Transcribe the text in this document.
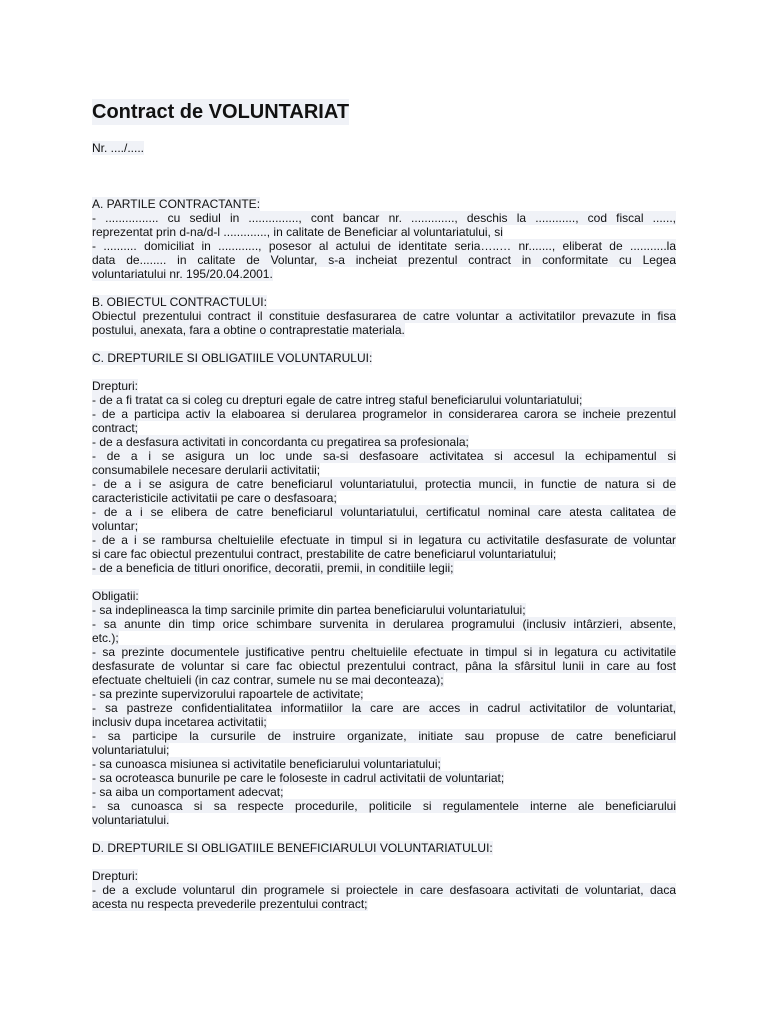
Contract de VOLUNTARIAT
Nr. ..../.....
A. PARTILE CONTRACTANTE:
- ................ cu sediul in ..............., cont bancar nr. ............., deschis la ............, cod fiscal ......,
reprezentat prin d-na/d-l ............., in calitate de Beneficiar al voluntariatului, si
- .......... domiciliat in ............, posesor al actului de identitate seria…..… nr......., eliberat de ...........la
data de........ in calitate de Voluntar, s-a incheiat prezentul contract in conformitate cu Legea
voluntariatului nr. 195/20.04.2001.
B. OBIECTUL CONTRACTULUI:
Obiectul prezentului contract il constituie desfasurarea de catre voluntar a activitatilor prevazute in fisa
postului, anexata, fara a obtine o contraprestatie materiala.
C. DREPTURILE SI OBLIGATIILE VOLUNTARULUI:
Drepturi:
- de a fi tratat ca si coleg cu drepturi egale de catre intreg staful beneficiarului voluntariatului;
- de a participa activ la elaboarea si derularea programelor in considerarea carora se incheie prezentul
contract;
- de a desfasura activitati in concordanta cu pregatirea sa profesionala;
- de a i se asigura un loc unde sa-si desfasoare activitatea si accesul la echipamentul si
consumabilele necesare derularii activitatii;
- de a i se asigura de catre beneficiarul voluntariatului, protectia muncii, in functie de natura si de
caracteristicile activitatii pe care o desfasoara;
- de a i se elibera de catre beneficiarul voluntariatului, certificatul nominal care atesta calitatea de
voluntar;
- de a i se rambursa cheltuielile efectuate in timpul si in legatura cu activitatile desfasurate de voluntar
si care fac obiectul prezentului contract, prestabilite de catre beneficiarul voluntariatului;
- de a beneficia de titluri onorifice, decoratii, premii, in conditiile legii;
Obligatii:
- sa indeplineasca la timp sarcinile primite din partea beneficiarului voluntariatului;
- sa anunte din timp orice schimbare survenita in derularea programului (inclusiv intârzieri, absente,
etc.);
- sa prezinte documentele justificative pentru cheltuielile efectuate in timpul si in legatura cu activitatile
desfasurate de voluntar si care fac obiectul prezentului contract, pâna la sfârsitul lunii in care au fost
efectuate cheltuieli (in caz contrar, sumele nu se mai deconteaza);
- sa prezinte supervizorului rapoartele de activitate;
- sa pastreze confidentialitatea informatiilor la care are acces in cadrul activitatilor de voluntariat,
inclusiv dupa incetarea activitatii;
- sa participe la cursurile de instruire organizate, initiate sau propuse de catre beneficiarul
voluntariatului;
- sa cunoasca misiunea si activitatile beneficiarului voluntariatului;
- sa ocroteasca bunurile pe care le foloseste in cadrul activitatii de voluntariat;
- sa aiba un comportament adecvat;
- sa cunoasca si sa respecte procedurile, politicile si regulamentele interne ale beneficiarului
voluntariatului.
D. DREPTURILE SI OBLIGATIILE BENEFICIARULUI VOLUNTARIATULUI:
Drepturi:
- de a exclude voluntarul din programele si proiectele in care desfasoara activitati de voluntariat, daca
acesta nu respecta prevederile prezentului contract;
